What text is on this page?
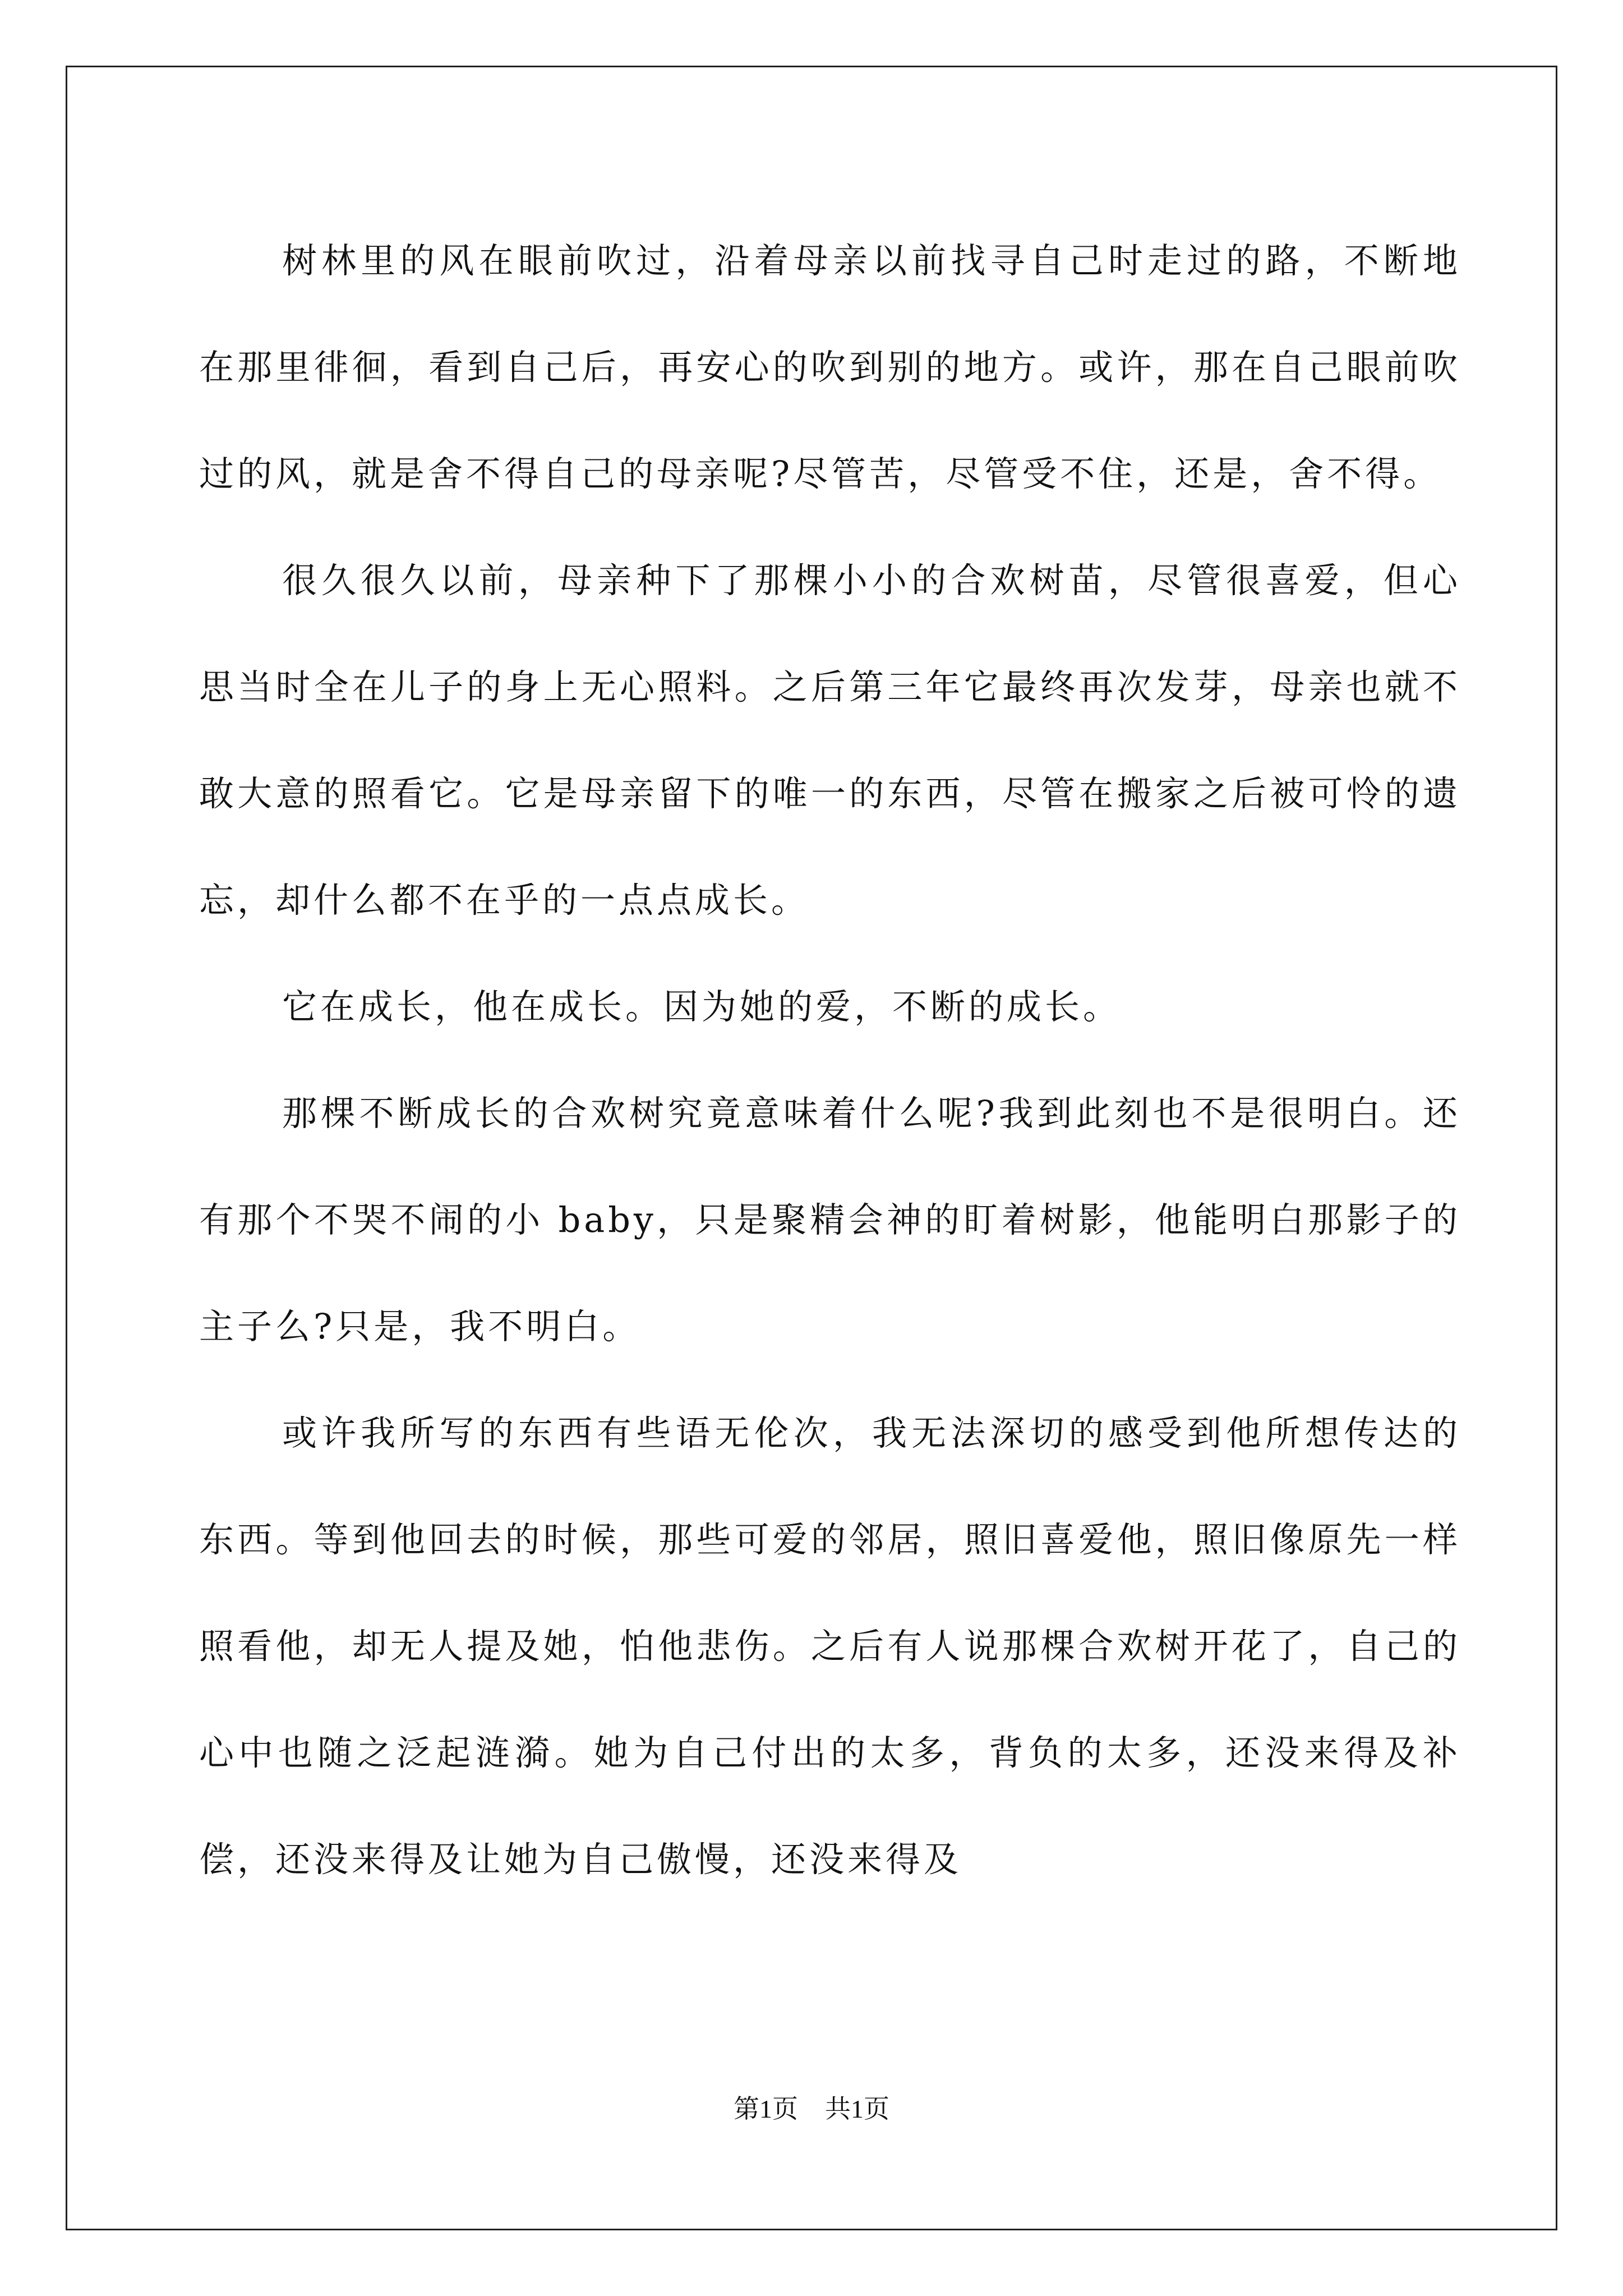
树林里的风在眼前吹过，沿着母亲以前找寻自己时走过的路，不断地在那里徘徊，看到自己后，再安心的吹到别的地方。或许，那在自己眼前吹过的风，就是舍不得自己的母亲呢?尽管苦，尽管受不住，还是，舍不得。

很久很久以前，母亲种下了那棵小小的合欢树苗，尽管很喜爱，但心思当时全在儿子的身上无心照料。之后第三年它最终再次发芽，母亲也就不敢大意的照看它。它是母亲留下的唯一的东西，尽管在搬家之后被可怜的遗忘，却什么都不在乎的一点点成长。

它在成长，他在成长。因为她的爱，不断的成长。

那棵不断成长的合欢树究竟意味着什么呢?我到此刻也不是很明白。还有那个不哭不闹的小 baby，只是聚精会神的盯着树影，他能明白那影子的主子么?只是，我不明白。

或许我所写的东西有些语无伦次，我无法深切的感受到他所想传达的东西。等到他回去的时候，那些可爱的邻居，照旧喜爱他，照旧像原先一样照看他，却无人提及她，怕他悲伤。之后有人说那棵合欢树开花了，自己的心中也随之泛起涟漪。她为自己付出的太多，背负的太多，还没来得及补偿，还没来得及让她为自己傲慢，还没来得及

第1页 共1页
